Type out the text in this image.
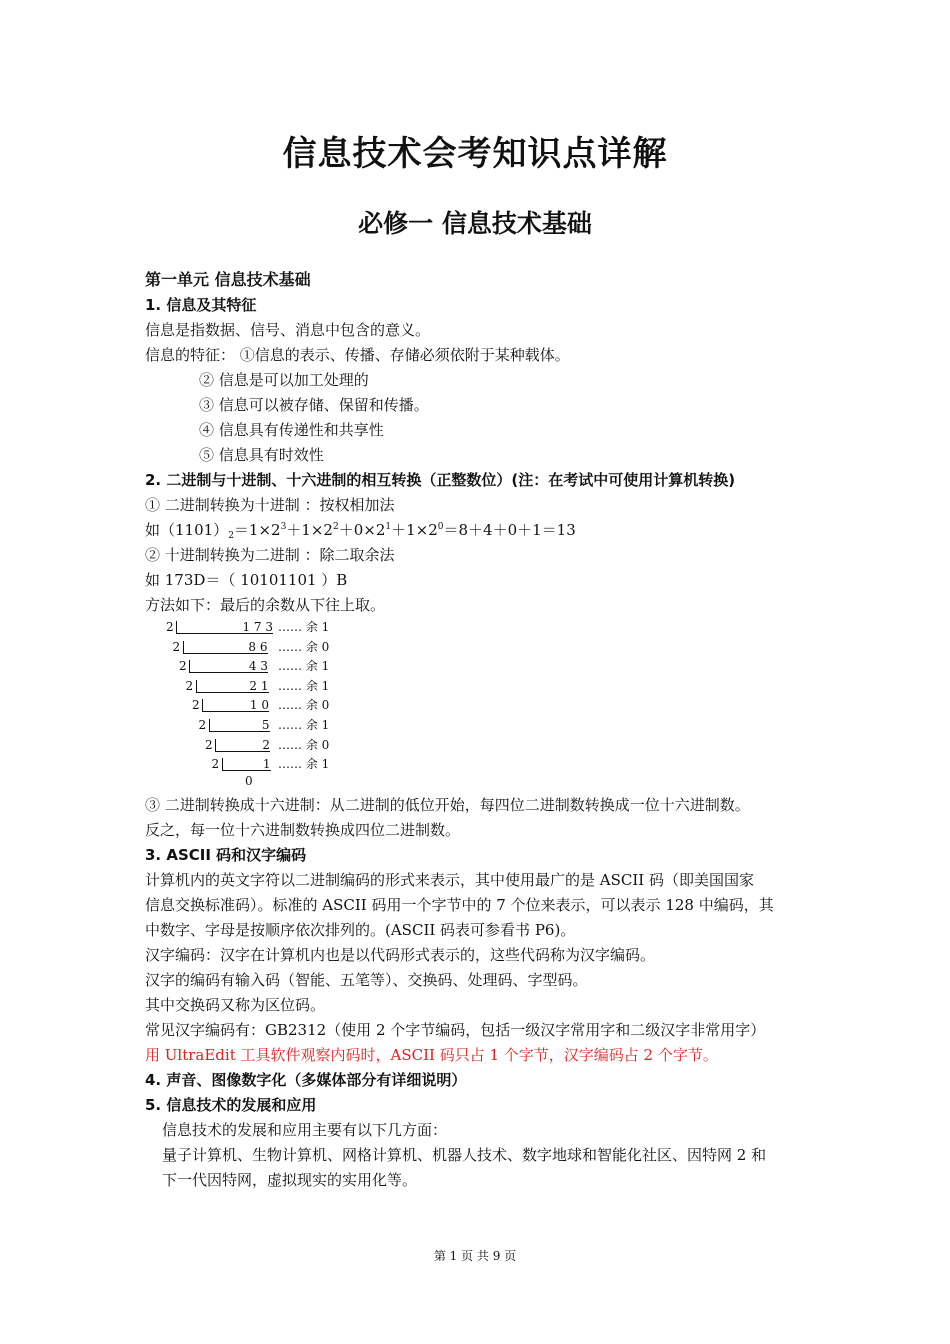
信息技术会考知识点详解
必修一 信息技术基础
第一单元 信息技术基础
1. 信息及其特征
信息是指数据、信号、消息中包含的意义。
信息的特征： ①信息的表示、传播、存储必须依附于某种载体。
② 信息是可以加工处理的
③ 信息可以被存储、保留和传播。
④ 信息具有传递性和共享性
⑤ 信息具有时效性
2. 二进制与十进制、十六进制的相互转换（正整数位）(注：在考试中可使用计算机转换)
① 二进制转换为十进制 ：按权相加法
如$(1101)_2=1\times 2^3+1\times 2^2+0\times 2^1+1\times 2^0=8+4+0+1=13$
② 十进制转换为二进制 ：除二取余法
如 173D＝（ 10101101 ）B
方法如下：最后的余数从下往上取。
2	1 7 3 …… 余 1
2	8 6 …… 余 0
2	4 3 …… 余 1
2	2 1 …… 余 1
2	1 0 …… 余 0
2	5 …… 余 1
2	2 …… 余 0
2	1 …… 余 1
0
③ 二进制转换成十六进制：从二进制的低位开始，每四位二进制数转换成一位十六进制数。
反之，每一位十六进制数转换成四位二进制数。
3. ASCII 码和汉字编码
计算机内的英文字符以二进制编码的形式来表示，其中使用最广的是 ASCII 码（即美国国家
信息交换标准码）。标准的 ASCII 码用一个字节中的 7 个位来表示，可以表示 128 中编码，其
中数字、字母是按顺序依次排列的。(ASCII 码表可参看书 P6)。
汉字编码：汉字在计算机内也是以代码形式表示的，这些代码称为汉字编码。
汉字的编码有输入码（智能、五笔等）、交换码、处理码、字型码。
其中交换码又称为区位码。
常见汉字编码有：GB2312（使用 2 个字节编码，包括一级汉字常用字和二级汉字非常用字）
用 UltraEdit 工具软件观察内码时，ASCII 码只占 1 个字节，汉字编码占 2 个字节。
4. 声音、图像数字化（多媒体部分有详细说明）
5. 信息技术的发展和应用
信息技术的发展和应用主要有以下几方面：
量子计算机、生物计算机、网格计算机、机器人技术、数字地球和智能化社区、因特网 2 和
下一代因特网，虚拟现实的实用化等。
第 1 页 共 9 页
